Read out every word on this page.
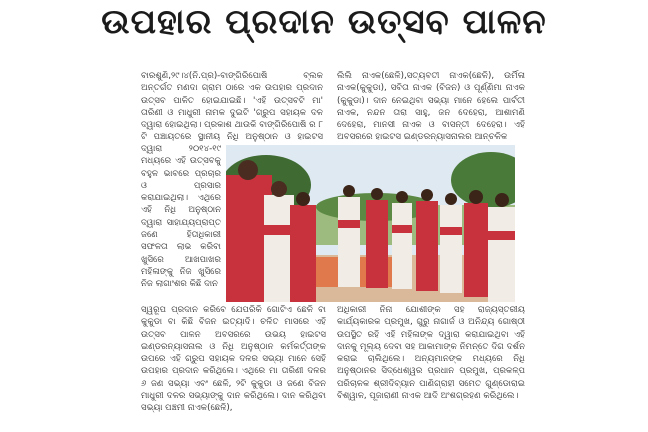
ଉପହାର ପ୍ରଦାନ ଉତ୍ସବ ପାଳନ

ବାରଶୁଣି,୨୯।୪(ନି.ପ୍ର)-ବାଙ୍ଗିରିପୋଷି ବ୍ଲକ ଅନ୍ତର୍ଗତ ମଣଦା ଗ୍ରାମ ଠାରେ ଏକ ଉପହାର ପ୍ରଦାନ ଉତ୍ସବ ପାଳିତ ହୋଇଯାଇଛି। 'ଏହି ଉତ୍ସବଟି ମା' ତାରିଣୀ ଓ ମାଧୁରୀ ନାମକ ଦୁଇଟି 'ଗ୍ରୁପ ସହାୟକ ଦଳ ଦ୍ୱାରା ହୋଇଥିଲା। ପ୍ରକାଶ ଥାଉକି ବାଙ୍ଗିରିପୋଷି ର ୮ ଟି ପଞ୍ଚାୟତରେ ସ୍ଥାନୀୟ ନିଧି ଅନୁଷ୍ଠାନ ଓ ହାଇଟସ

ଲିଲି ନାଏକ(ଛେଳି),ସତ୍ୟବତୀ ନାଏକ(ଛେଳି), ଉର୍ମିଳା ନାଏକ(କୁକୁଡା), ସବିତା ନାଏକ (ବିଜନ) ଓ ପୂର୍ଣ୍ଣିମା ନାଏକ (କୁକୁଡା)। ଦାନ ନେଇଥିବା ସଭ୍ୟା ମାନେ ହେଲେ ପାର୍ବତୀ ନାଏକ, ନନ୍ଦନ ତାରା ସାହୁ, ଜନ ଦେହେରା, ଆଶାମଣି ଦେହେରା, ମାନସୀ ନାଏକ ଓ ବାସନ୍ତୀ ଦେହେରା। ଏହି ଅବସରରେ ହାଇଟସ ଇଣ୍ଡରନ୍ୟାସନାଲର ଆନ୍ଚଳିକ

ଦ୍ୱାରା ୨୦୧୪-୧୯ ମଧ୍ୟରେ ଏହି ଉତ୍ସବକୁ ବହୁଳ ଭାବରେ ପ୍ରଚାର ଓ ପ୍ରସାର କରାଯାଇଥିଲା। ଏଥିରେ ଏହି ନିଧି ଅନୁଷ୍ଠାନ ଦ୍ୱାରା ସାହାଯ୍ୟପ୍ରାପ୍ତ ଜଣେ ହିତାଧିକାରୀ ସଫଳତା ଲାଭ କରିବା ଖୁସିରେ ଆଖପାଖର ମହିଳାଙ୍କୁ ନିଜ ଖୁସିରେ ନିଜ ଲାଗାଂଶର କିଛି ଦାନ

ସ୍ୱରୂପ ପ୍ରଦାନ କରିବେ ଯେପରିକି ଗୋଟିଏ ଛେଳି ବା କୁକୁଡା ବା କିଛି ବିଜନ ଇତ୍ୟାଦି। ଚଳିତ ମାସରେ ଏହି ଉତ୍ସବ ପାଳନ ଅବସରରେ ଉଭୟ ହାଇଟସ ଇଣ୍ଡରନ୍ୟାସନାଲ ଓ ନିଧି ଅନୁଷ୍ଠାନ କର୍ମକର୍ତ୍ତାଙ୍କ ଉପରେ ଏହି ଗ୍ରୁପ ସହାୟକ ଦଳର ସଭ୍ୟା ମାନେ ସେହି ଉପହାର ପ୍ରଦାନ କରିଥିଲେ। ଏଥିରେ ମା ତାରିଣୀ ଦଳର ୬ ଜଣ ସଭ୍ୟା ଏବଂ ଛେଳି, ୨ଟି କୁକୁଡା ଓ ଜଣେ ବିଜନ ମାଧୁରୀ ଦଳର ସଭ୍ୟାଙ୍କୁ ଦାନ କରିଥିଲେ। ଦାନ କରିଥିବା ସଭ୍ୟା ପଞ୍ଚମୀ ନାଏକ(ଛେଳି),

ଅଧିକାରୀ ନିନା ଯୋଶୀଙ୍କ ସହ ରାଜ୍ୟସ୍ତରୀୟ କାର୍ଯ୍ୟକାରକ ପ୍ରମୁଖ, ଗୁରୁ ନାଗାର୍ଜ ଓ ଅନିନ୍ଦ୍ୟ ଗୋଷ୍ଠୀ ଉପସ୍ଥିତ ରହି ଏହି ମହିଳାଙ୍କ ଦ୍ୱାରା କରାଯାଇଥିବା ଏହି ଦାନକୁ ମୂଲ୍ୟ ଦେବା ସହ ଆକାମାଙ୍କ ନିମନ୍ତେ ଦିଗ ଦର୍ଶନ କରାଇ ଚାଲିଥିଲେ। ଅନ୍ୟମାନଙ୍କ ମଧ୍ୟରେ ନିଧି ଅନୁଷ୍ଠାନର ସିଦ୍ଧେଶ୍ୱର ପ୍ରଧାନ ପ୍ରମୁଖ, ପ୍ରକଳ୍ପ ପରିଚାଳକ ଶ୍ରୀଦିବ୍ୟାନ ପାଣିଗ୍ରାହୀ ସମେତ ଗୁଣ୍ଡୋରାଇ ବିଶ୍ୱାଳ, ପୂଜାରାଣୀ ନାଏକ ଆଦି ଅଂଶଗ୍ରହଣ କରିଥିଲେ।
